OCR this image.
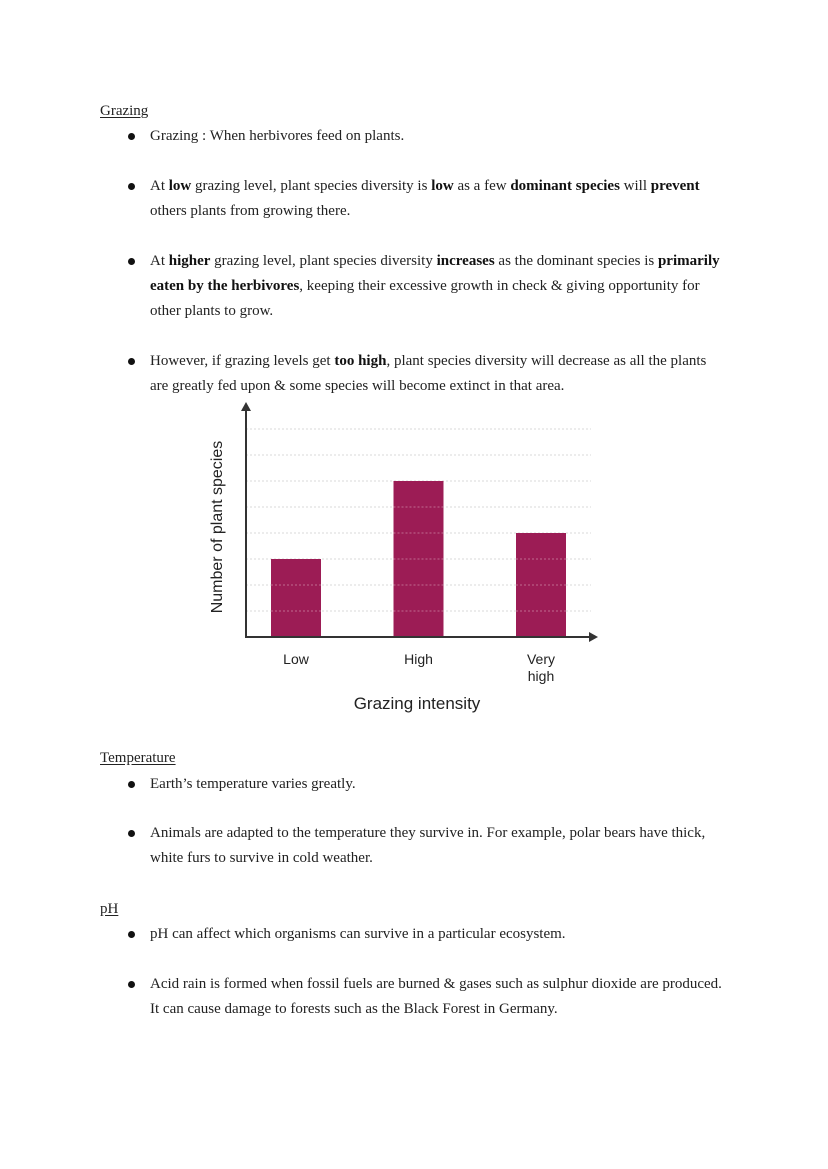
Grazing
Grazing : When herbivores feed on plants.
At low grazing level, plant species diversity is low as a few dominant species will prevent others plants from growing there.
At higher grazing level, plant species diversity increases as the dominant species is primarily eaten by the herbivores, keeping their excessive growth in check & giving opportunity for other plants to grow.
However, if grazing levels get too high, plant species diversity will decrease as all the plants are greatly fed upon & some species will become extinct in that area.
Low	High	Very high
Grazing intensity
Number of plant species
Temperature
Earth’s temperature varies greatly.
Animals are adapted to the temperature they survive in. For example, polar bears have thick, white furs to survive in cold weather.
pH
pH can affect which organisms can survive in a particular ecosystem.
Acid rain is formed when fossil fuels are burned & gases such as sulphur dioxide are produced. It can cause damage to forests such as the Black Forest in Germany.
